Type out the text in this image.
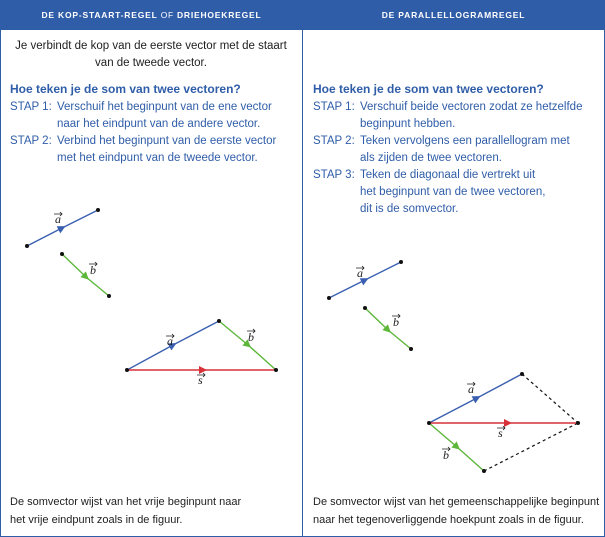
DE KOP-STAART-REGEL
OF
DRIEHOEKREGEL
Je verbindt de kop van de eerste vector met de staart
van de tweede vector.
Hoe teken je de som van twee vectoren?
STAP 1: Verschuif het beginpunt van de ene vector
naar het eindpunt van de andere vector.
STAP 2: Verbind het beginpunt van de eerste vector
met het eindpunt van de tweede vector.
De somvector wijst van het vrije beginpunt naar
het vrije eindpunt zoals in de figuur.
DE PARALLELLOGRAMREGEL
Hoe teken je de som van twee vectoren?
STAP 1: Verschuif beide vectoren zodat ze hetzelfde
beginpunt hebben.
STAP 2: Teken vervolgens een parallellogram met
als zijden de twee vectoren.
STAP 3: Teken de diagonaal die vertrekt uit
het beginpunt van de twee vectoren,
dit is de somvector.
De somvector wijst van het gemeenschappelijke beginpunt
naar het tegenoverliggende hoekpunt zoals in de figuur.
a
b
a	b
s
a
b
a
s
b
